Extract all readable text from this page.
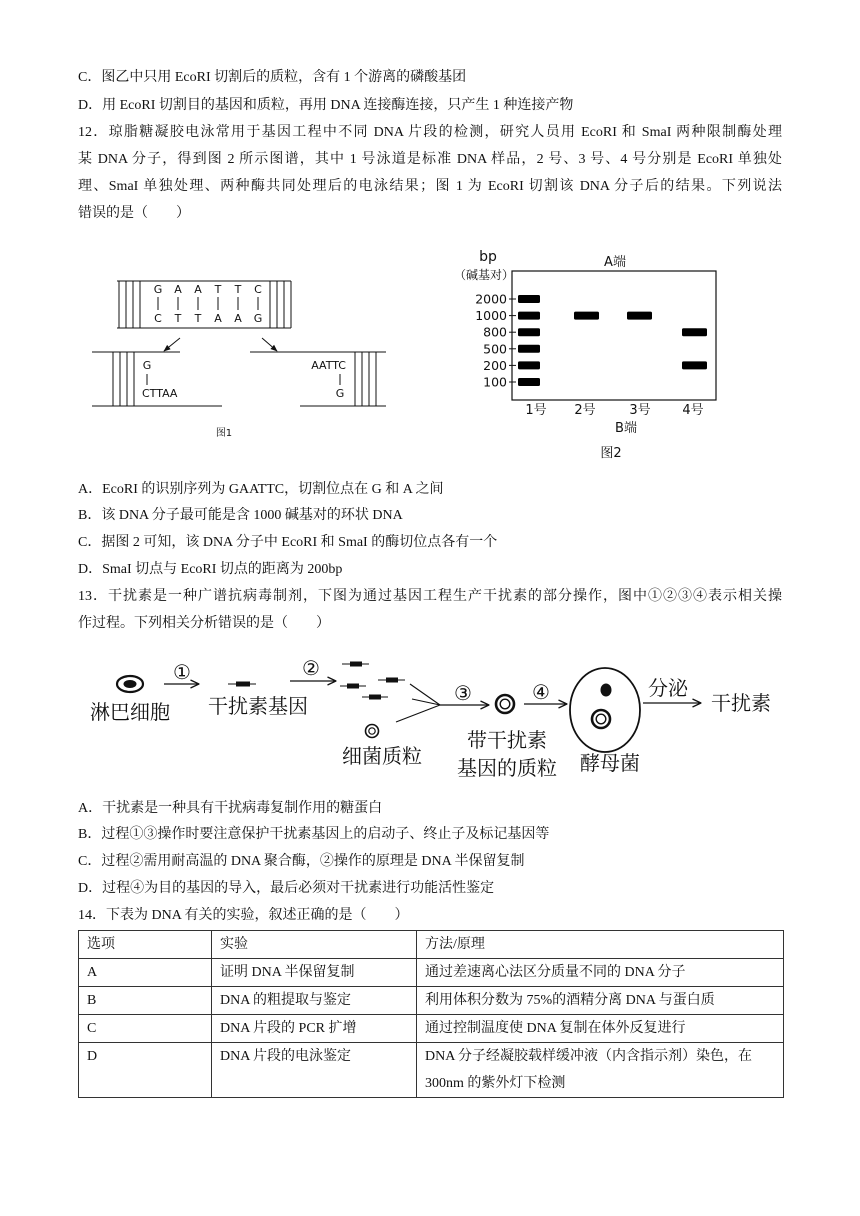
C．图乙中只用 EcoRI 切割后的质粒，含有 1 个游离的磷酸基团
D．用 EcoRI 切割目的基因和质粒，再用 DNA 连接酶连接，只产生 1 种连接产物
12．琼脂糖凝胶电泳常用于基因工程中不同 DNA 片段的检测，研究人员用 EcoRI 和 SmaI 两种限制酶处理
某 DNA 分子，得到图 2 所示图谱，其中 1 号泳道是标准 DNA 样品，2 号、3 号、4 号分别是 EcoRI 单独处
理、SmaI 单独处理、两种酶共同处理后的电泳结果；图 1 为 EcoRI 切割该 DNA 分子后的结果。下列说法
错误的是（　　）
GAATTC
CTTAAG
G
CTTAA
AATTC
G
图1
bp
（碱基对）
A端
2000
1000
800
500
200
100
1号 2号	3号 4号
B端
图2
A．EcoRI 的识别序列为 GAATTC，切割位点在 G 和 A 之间
B．该 DNA 分子最可能是含 1000 碱基对的环状 DNA
C．据图 2 可知，该 DNA 分子中 EcoRI 和 SmaI 的酶切位点各有一个
D．SmaI 切点与 EcoRI 切点的距离为 200bp
13．干扰素是一种广谱抗病毒制剂，下图为通过基因工程生产干扰素的部分操作，图中①②③④表示相关操
作过程。下列相关分析错误的是（　　）
淋巴细胞
①
干扰素基因
②
细菌质粒
③
带干扰素
基因的质粒
④
酵母菌
分泌
干扰素
A．干扰素是一种具有干扰病毒复制作用的糖蛋白
B．过程①③操作时要注意保护干扰素基因上的启动子、终止子及标记基因等
C．过程②需用耐高温的 DNA 聚合酶，②操作的原理是 DNA 半保留复制
D．过程④为目的基因的导入，最后必须对干扰素进行功能活性鉴定
14．下表为 DNA 有关的实验，叙述正确的是（　　）
选项	实验	方法/原理
A	证明 DNA 半保留复制	通过差速离心法区分质量不同的 DNA 分子
B	DNA 的粗提取与鉴定	利用体积分数为 75%的酒精分离 DNA 与蛋白质
C	DNA 片段的 PCR 扩增	通过控制温度使 DNA 复制在体外反复进行
D	DNA 片段的电泳鉴定	DNA 分子经凝胶载样缓冲液（内含指示剂）染色，在 300nm 的紫外灯下检测
